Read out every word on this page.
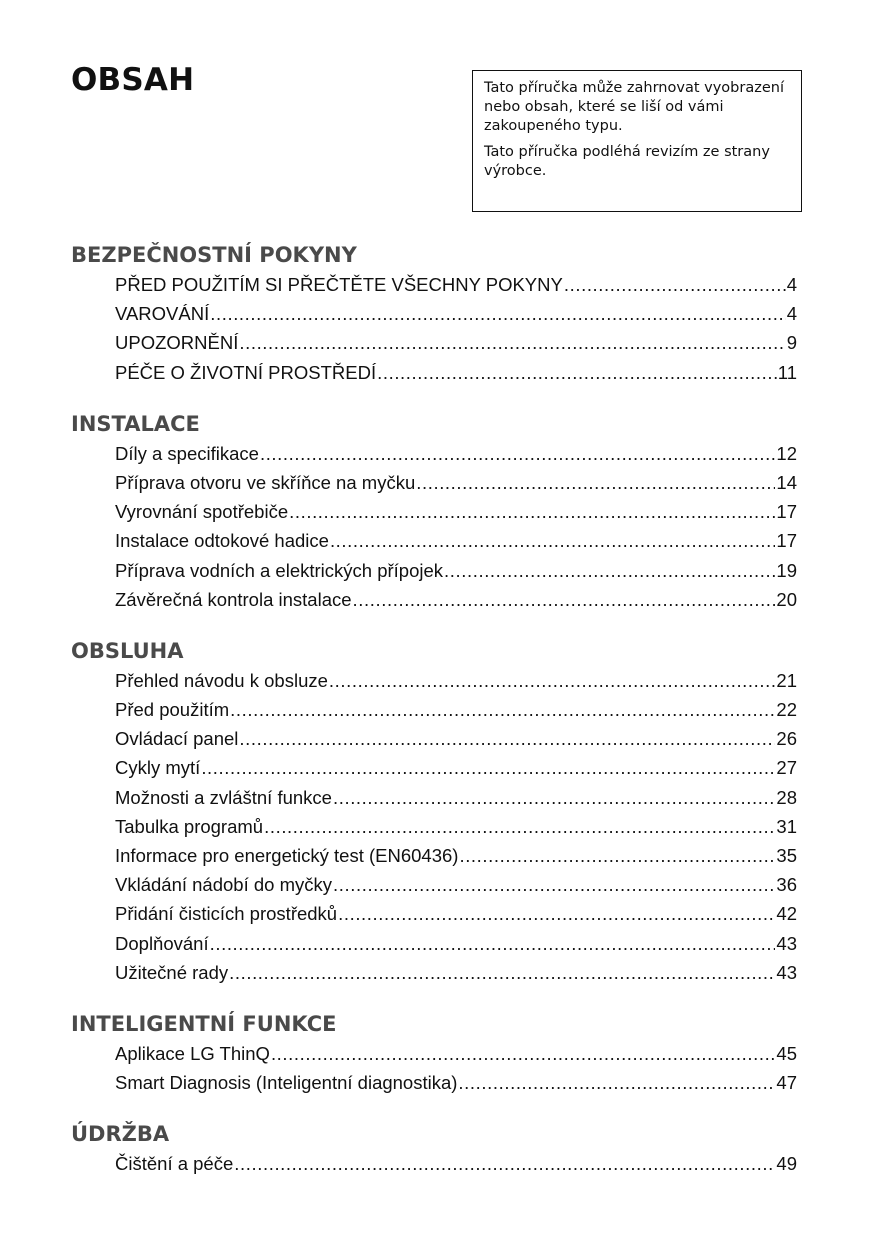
OBSAH	Tato příručka může zahrnovat vyobrazení nebo obsah, které se liší od vámi zakoupeného typu.

Tato příručka podléhá revizím ze strany výrobce.

BEZPEČNOSTNÍ POKYNY
PŘED POUŽITÍM SI PŘEČTĚTE VŠECHNY POKYNY .....	4
VAROVÁNÍ .....	4
UPOZORNĚNÍ .....	9
PÉČE O ŽIVOTNÍ PROSTŘEDÍ .....	11
INSTALACE
Díly a specifikace .....	12
Příprava otvoru ve skříňce na myčku .....	14
Vyrovnání spotřebiče .....	17
Instalace odtokové hadice .....	17
Příprava vodních a elektrických přípojek .....	19
Závěrečná kontrola instalace .....	20
OBSLUHA
Přehled návodu k obsluze .....	21
Před použitím .....	22
Ovládací panel .....	26
Cykly mytí .....	27
Možnosti a zvláštní funkce .....	28
Tabulka programů .....	31
Informace pro energetický test (EN60436) .....	35
Vkládání nádobí do myčky .....	36
Přidání čisticích prostředků .....	42
Doplňování .....	43
Užitečné rady .....	43
INTELIGENTNÍ FUNKCE
Aplikace LG ThinQ .....	45
Smart Diagnosis (Inteligentní diagnostika) .....	47
ÚDRŽBA
Čištění a péče .....	49
